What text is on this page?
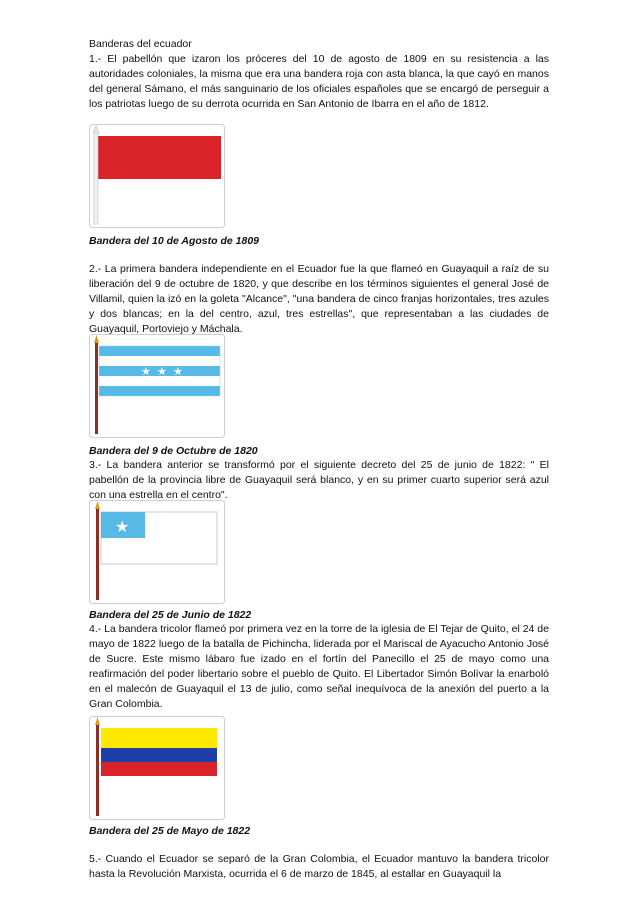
Banderas del ecuador

1.- El pabellón que izaron los próceres del 10 de agosto de 1809 en su resistencia a las autoridades coloniales, la misma que era una bandera roja con asta blanca, la que cayó en manos del general Sámano, el más sanguinario de los oficiales españoles que se encargó de perseguir a los patriotas luego de su derrota ocurrida en San Antonio de Ibarra en el año de 1812.

Bandera del 10 de Agosto de 1809

2.- La primera bandera independiente en el Ecuador fue la que flameó en Guayaquil a raíz de su liberación del 9 de octubre de 1820, y que describe en los términos siguientes el general José de Villamil, quien la izó en la goleta "Alcance", "una bandera de cinco franjas horizontales, tres azules y dos blancas; en la del centro, azul, tres estrellas", que representaban a las ciudades de Guayaquil, Portoviejo y Máchala.

★ ★ ★
Bandera del 9 de Octubre de 1820

3.- La bandera anterior se transformó por el siguiente decreto del 25 de junio de 1822: " El pabellón de la provincia libre de Guayaquil será blanco, y en su primer cuarto superior será azul con una estrella en el centro".

★
Bandera del 25 de Junio de 1822

4.- La bandera tricolor flameó por primera vez en la torre de la iglesia de El Tejar de Quito, el 24 de mayo de 1822 luego de la batalla de Pichincha, liderada por el Mariscal de Ayacucho Antonio José de Sucre. Este mismo lábaro fue izado en el fortín del Panecillo el 25 de mayo como una reafirmación del poder libertario sobre el pueblo de Quito. El Libertador Simón Bolívar la enarboló en el malecón de Guayaquil el 13 de julio, como señal inequívoca de la anexión del puerto a la Gran Colombia.

Bandera del 25 de Mayo de 1822

5.- Cuando el Ecuador se separó de la Gran Colombia, el Ecuador mantuvo la bandera tricolor hasta la Revolución Marxista, ocurrida el 6 de marzo de 1845, al estallar en Guayaquil la
